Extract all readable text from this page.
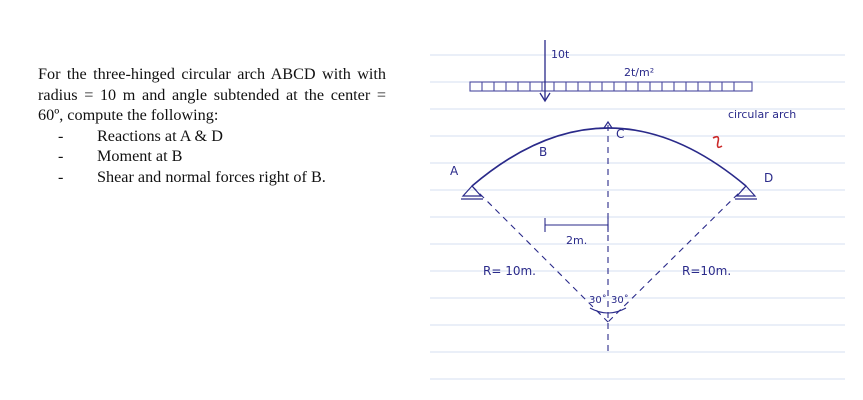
For the three-hinged circular arch ABCD with with radius = 10 m and angle subtended at the center = 60º, compute the following:

- Reactions at A & D
- Moment at B
- Shear and normal forces right of B.
10t
2t/m²
circular arch
A
B
C
D
2m.
R= 10m.	R=10m.
30˚ 30˚
